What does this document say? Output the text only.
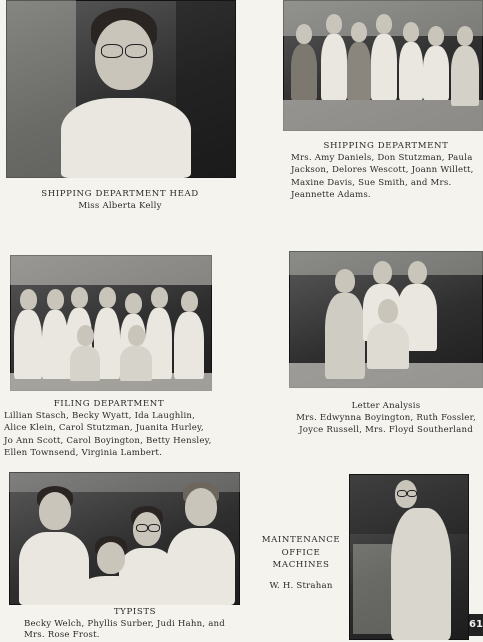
SHIPPING DEPARTMENT HEAD
Miss Alberta Kelly
SHIPPING DEPARTMENT
Mrs. Amy Daniels, Don Stutzman, Paula Jackson, Delores Wescott, Joann Willett, Maxine Davis, Sue Smith, and Mrs. Jeannette Adams.
FILING DEPARTMENT
Lillian Stasch, Becky Wyatt, Ida Laughlin, Alice Klein, Carol Stutzman, Juanita Hurley, Jo Ann Scott, Carol Boyington, Betty Hensley, Ellen Townsend, Virginia Lambert.
Letter Analysis
Mrs. Edwynna Boyington, Ruth Fossler, Joyce Russell, Mrs. Floyd Southerland
TYPISTS
Becky Welch, Phyllis Surber, Judi Hahn, and Mrs. Rose Frost.
MAINTENANCE
OFFICE
MACHINES
W. H. Strahan
61
